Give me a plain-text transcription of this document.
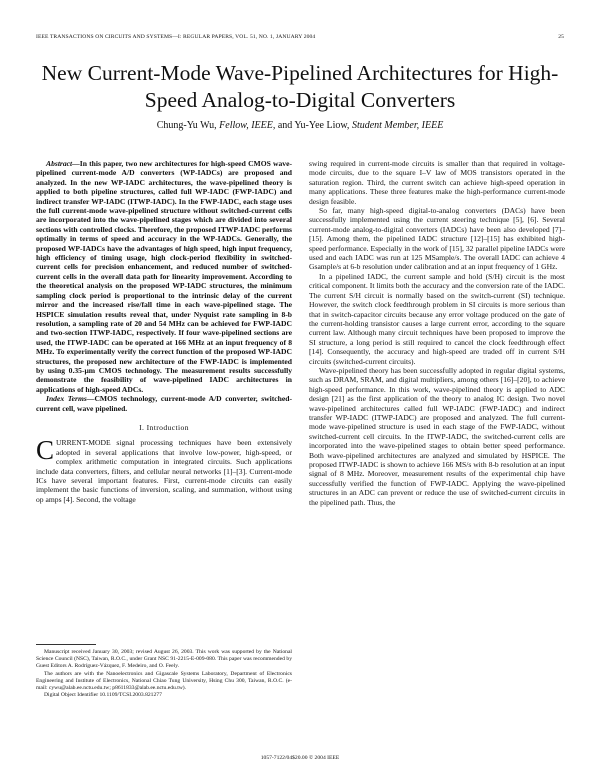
IEEE TRANSACTIONS ON CIRCUITS AND SYSTEMS—I: REGULAR PAPERS, VOL. 51, NO. 1, JANUARY 2004	25
New Current-Mode Wave-Pipelined Architectures for High-Speed Analog-to-Digital Converters
Chung-Yu Wu, Fellow, IEEE, and Yu-Yee Liow, Student Member, IEEE

Abstract—In this paper, two new architectures for high-speed CMOS wave-pipelined current-mode A/D converters (WP-IADCs) are proposed and analyzed. In the new WP-IADC architectures, the wave-pipelined theory is applied to both pipeline structures, called full WP-IADC (FWP-IADC) and indirect transfer WP-IADC (ITWP-IADC). In the FWP-IADC, each stage uses the full current-mode wave-pipelined structure without switched-current cells are incorporated into the wave-pipelined stages which are divided into several sections with controlled clocks. Therefore, the proposed ITWP-IADC performs optimally in terms of speed and accuracy in the WP-IADCs. Generally, the proposed WP-IADCs have the advantages of high speed, high input frequency, high efficiency of timing usage, high clock-period flexibility in switched-current cells for precision enhancement, and reduced number of switched-current cells in the overall data path for linearity improvement. According to the theoretical analysis on the proposed WP-IADC structures, the minimum sampling clock period is proportional to the intrinsic delay of the current mirror and the increased rise/fall time in each wave-pipelined stage. The HSPICE simulation results reveal that, under Nyquist rate sampling in 8-b resolution, a sampling rate of 20 and 54 MHz can be achieved for FWP-IADC and two-section ITWP-IADC, respectively. If four wave-pipelined sections are used, the ITWP-IADC can be operated at 166 MHz at an input frequency of 8 MHz. To experimentally verify the correct function of the proposed WP-IADC structures, the proposed new architecture of the FWP-IADC is implemented by using 0.35-μm CMOS technology. The measurement results successfully demonstrate the feasibility of wave-pipelined IADC architectures in applications of high-speed ADCs.

Index Terms—CMOS technology, current-mode A/D converter, switched-current cell, wave pipelined.

I. Introduction

CURRENT-MODE signal processing techniques have been extensively adopted in several applications that involve low-power, high-speed, or complex arithmetic computation in integrated circuits. Such applications include data converters, filters, and cellular neural networks [1]–[3]. Current-mode ICs have several important features. First, current-mode circuits can easily implement the basic functions of inversion, scaling, and summation, without using op amps [4]. Second, the voltage

Manuscript received January 30, 2003; revised August 26, 2003. This work was supported by the National Science Council (NSC), Taiwan, R.O.C., under Grant NSC 91-2215-E-009-080. This paper was recommended by Guest Editors A. Rodríguez-Vázquez, F. Medeiro, and O. Feely.

The authors are with the Nanoelectronics and Gigascale Systems Laboratory, Department of Electronics Engineering and Institute of Electronics, National Chiao Tung University, Hsing Chu 300, Taiwan, R.O.C. (e-mail: cywu@alab.ee.nctu.edu.tw; p8611833@alab.ee.nctu.edu.tw).

Digital Object Identifier 10.1109/TCSI.2003.821277

swing required in current-mode circuits is smaller than that required in voltage-mode circuits, due to the square I–V law of MOS transistors operated in the saturation region. Third, the current switch can achieve high-speed operation in many applications. These three features make the high-performance current-mode design feasible.

So far, many high-speed digital-to-analog converters (DACs) have been successfully implemented using the current steering technique [5], [6]. Several current-mode analog-to-digital converters (IADCs) have been also developed [7]–[15]. Among them, the pipelined IADC structure [12]–[15] has exhibited high-speed performance. Especially in the work of [15], 32 parallel pipeline IADCs were used and each IADC was run at 125 MSample/s. The overall IADC can achieve 4 Gsample/s at 6-b resolution under calibration and at an input frequency of 1 GHz.

In a pipelined IADC, the current sample and hold (S/H) circuit is the most critical component. It limits both the accuracy and the conversion rate of the IADC. The current S/H circuit is normally based on the switch-current (SI) technique. However, the switch clock feedthrough problem in SI circuits is more serious than that in switch-capacitor circuits because any error voltage produced on the gate of the current-holding transistor causes a large current error, according to the square current law. Although many circuit techniques have been proposed to improve the SI structure, a long period is still required to cancel the clock feedthrough effect [14]. Consequently, the accuracy and high-speed are traded off in current S/H circuits (switched-current circuits).

Wave-pipelined theory has been successfully adopted in regular digital systems, such as DRAM, SRAM, and digital multipliers, among others [16]–[20], to achieve high-speed performance. In this work, wave-pipelined theory is applied to ADC design [21] as the first application of the theory to analog IC design. Two novel wave-pipelined architectures called full WP-IADC (FWP-IADC) and indirect transfer WP-IADC (ITWP-IADC) are proposed and analyzed. The full current-mode wave-pipelined structure is used in each stage of the FWP-IADC, without switched-current cell circuits. In the ITWP-IADC, the switched-current cells are incorporated into the wave-pipelined stages to obtain better speed performance. Both wave-pipelined architectures are analyzed and simulated by HSPICE. The proposed ITWP-IADC is shown to achieve 166 MS/s with 8-b resolution at an input signal of 8 MHz. Moreover, measurement results of the experimental chip have successfully verified the function of FWP-IADC. Applying the wave-pipelined structures in an ADC can prevent or reduce the use of switched-current circuits in the pipelined path. Thus, the

1057-7122/04$20.00 © 2004 IEEE
